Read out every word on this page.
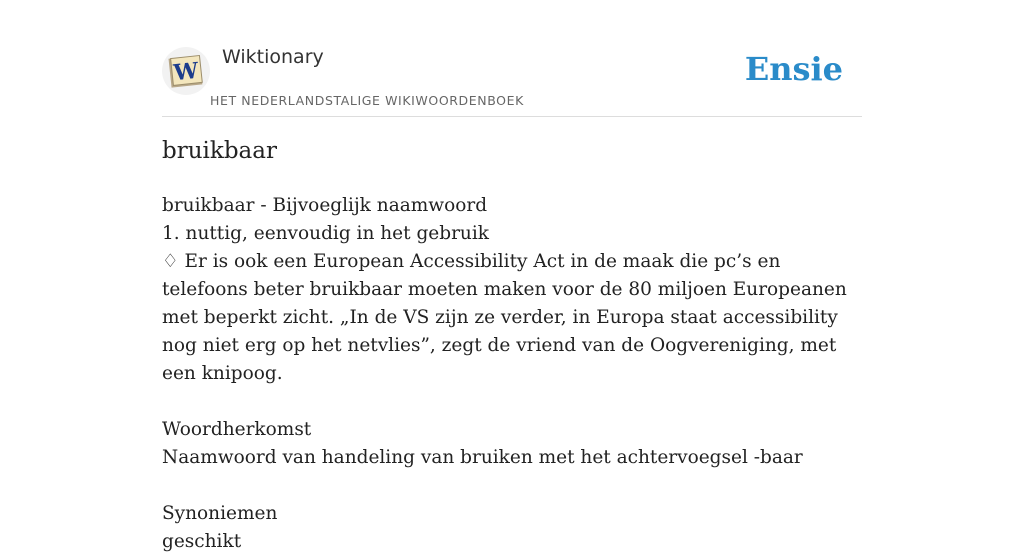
W
Wiktionary
HET NEDERLANDSTALIGE WIKIWOORDENBOEK
Ensie
bruikbaar

bruikbaar - Bijvoeglijk naamwoord

1. nuttig, eenvoudig in het gebruik

♢ Er is ook een European Accessibility Act in de maak die pc’s en telefoons beter bruikbaar moeten maken voor de 80 miljoen Europeanen met beperkt zicht. „In de VS zijn ze verder, in Europa staat accessibility nog niet erg op het netvlies”, zegt de vriend van de Oogvereniging, met een knipoog.

Woordherkomst

Naamwoord van handeling van bruiken met het achtervoegsel -baar

Synoniemen

geschikt
